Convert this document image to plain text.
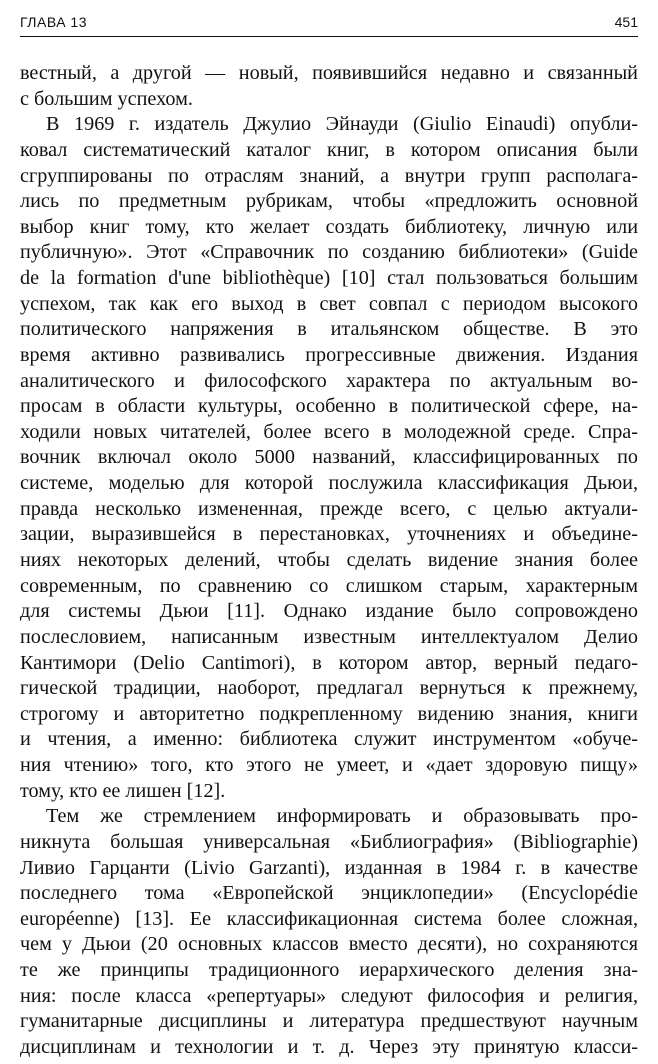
ГЛАВА 13	451
вестный, а другой — новый, появившийся недавно и связанный
с большим успехом.
В 1969 г. издатель Джулио Эйнауди (Giulio Einaudi) опубли-
ковал систематический каталог книг, в котором описания были
сгруппированы по отраслям знаний, а внутри групп располага-
лись по предметным рубрикам, чтобы «предложить основной
выбор книг тому, кто желает создать библиотеку, личную или
публичную». Этот «Справочник по созданию библиотеки» (Guide
de la formation d'une bibliothèque) [10] стал пользоваться большим
успехом, так как его выход в свет совпал с периодом высокого
политического напряжения в итальянском обществе. В это
время активно развивались прогрессивные движения. Издания
аналитического и философского характера по актуальным во-
просам в области культуры, особенно в политической сфере, на-
ходили новых читателей, более всего в молодежной среде. Спра-
вочник включал около 5000 названий, классифицированных по
системе, моделью для которой послужила классификация Дьюи,
правда несколько измененная, прежде всего, с целью актуали-
зации, выразившейся в перестановках, уточнениях и объедине-
ниях некоторых делений, чтобы сделать видение знания более
современным, по сравнению со слишком старым, характерным
для системы Дьюи [11]. Однако издание было сопровождено
послесловием, написанным известным интеллектуалом Делио
Кантимори (Delio Cantimori), в котором автор, верный педаго-
гической традиции, наоборот, предлагал вернуться к прежнему,
строгому и авторитетно подкрепленному видению знания, книги
и чтения, а именно: библиотека служит инструментом «обуче-
ния чтению» того, кто этого не умеет, и «дает здоровую пищу»
тому, кто ее лишен [12].
Тем же стремлением информировать и образовывать про-
никнута большая универсальная «Библиография» (Bibliographie)
Ливио Гарцанти (Livio Garzanti), изданная в 1984 г. в качестве
последнего тома «Европейской энциклопедии» (Encyclopédie
européenne) [13]. Ее классификационная система более сложная,
чем у Дьюи (20 основных классов вместо десяти), но сохраняются
те же принципы традиционного иерархического деления зна-
ния: после класса «репертуары» следуют философия и религия,
гуманитарные дисциплины и литература предшествуют научным
дисциплинам и технологии и т. д. Через эту принятую класси-
